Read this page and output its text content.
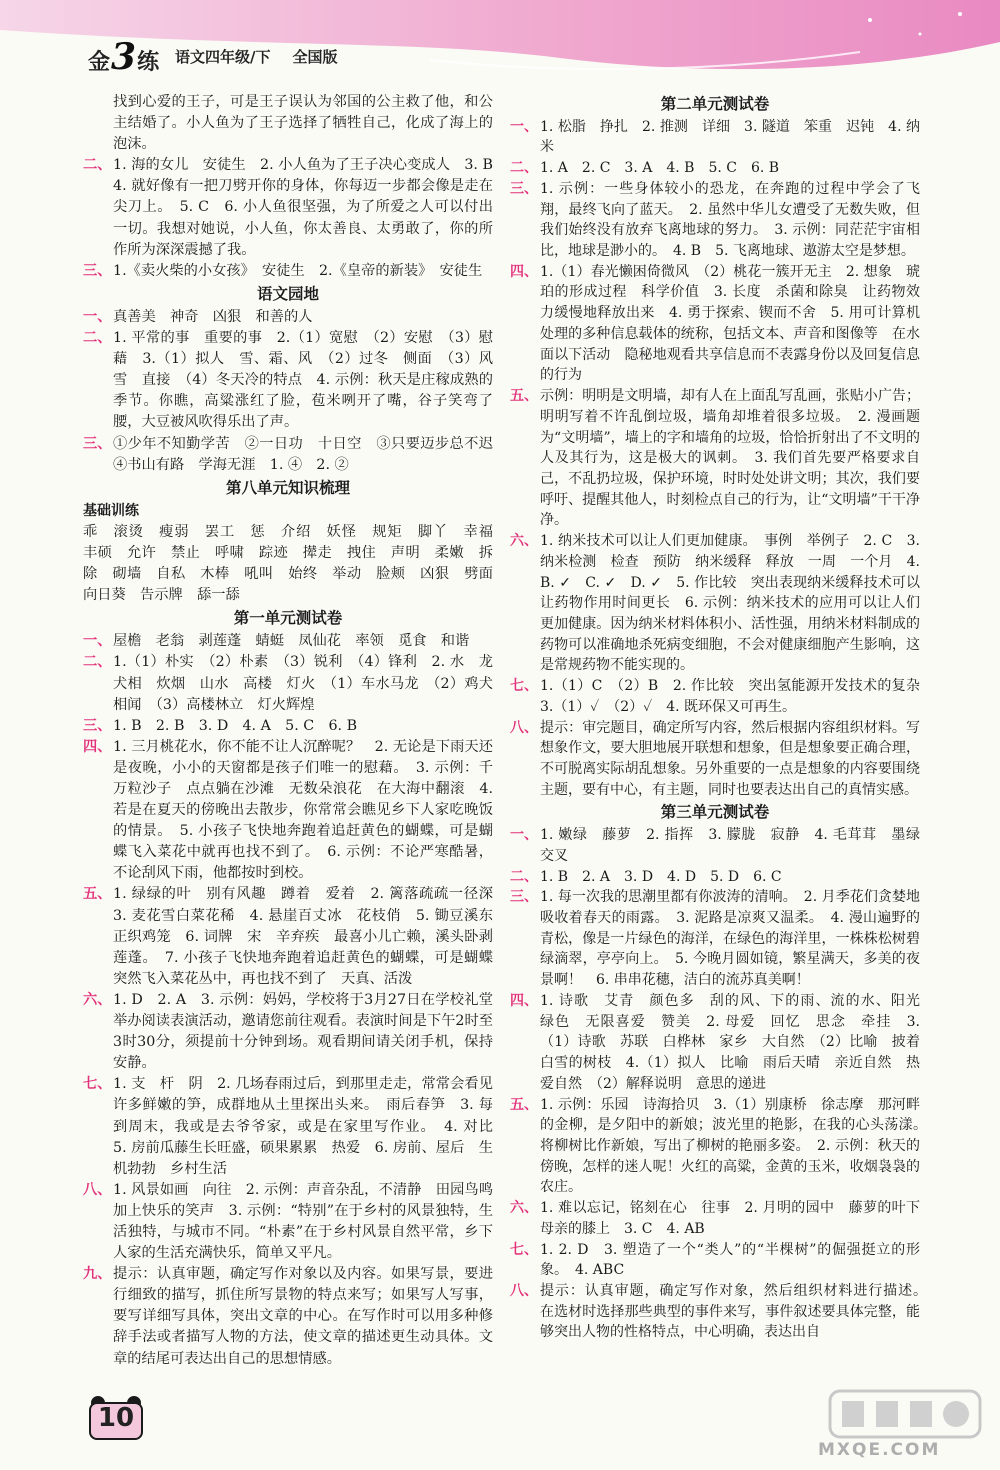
金3练 语文四年级/下 全国版
找到心爱的王子，可是王子误认为邻国的公主救了他，和公主结婚了。小人鱼为了王子选择了牺牲自己，化成了海上的泡沫。
二、 1. 海的女儿　安徒生　2. 小人鱼为了王子决心变成人　3. B　4. 就好像有一把刀劈开你的身体，你每迈一步都会像是走在尖刀上。　5. C　6. 小人鱼很坚强，为了所爱之人可以付出一切。我想对她说，小人鱼，你太善良、太勇敢了，你的所作所为深深震撼了我。
三、 1.《卖火柴的小女孩》　安徒生　2.《皇帝的新装》　安徒生
语文园地
一、 真善美　神奇　凶狠　和善的人
二、 1. 平常的事　重要的事　2.（1）宽慰　（2）安慰　（3）慰藉　3.（1）拟人　雪、霜、风　（2）过冬　侧面　（3）风雪　直接　（4）冬天冷的特点　4. 示例：秋天是庄稼成熟的季节。你瞧，高粱涨红了脸，苞米咧开了嘴，谷子笑弯了腰，大豆被风吹得乐出了声。
三、 ①少年不知勤学苦　②一日功　十日空　③只要迈步总不迟　④书山有路　学海无涯　1. ④　2. ②
第八单元知识梳理
基础训练
乖　滚烫　瘦弱　罢工　惩　介绍　妖怪　规矩　脚丫　幸福　丰硕　允许　禁止　呼啸　踪迹　撵走　拽住　声明　柔嫩　拆除　砌墙　自私　木棒　吼叫　始终　举动　脸颊　凶狠　劈面　向日葵　告示牌　舔一舔
第一单元测试卷
一、 屋檐　老翁　剥莲蓬　蜻蜓　凤仙花　率领　觅食　和谐
二、 1.（1）朴实　（2）朴素　（3）锐利　（4）锋利　2. 水　龙　犬相　炊烟　山水　高楼　灯火　（1）车水马龙　（2）鸡犬相闻　（3）高楼林立　灯火辉煌
三、 1. B　2. B　3. D　4. A　5. C　6. B
四、 1. 三月桃花水，你不能不让人沉醉呢？　2. 无论是下雨天还是夜晚，小小的天窗都是孩子们唯一的慰藉。　3. 示例：千万粒沙子　点点躺在沙滩　无数朵浪花　在大海中翻滚　4. 若是在夏天的傍晚出去散步，你常常会瞧见乡下人家吃晚饭的情景。　5. 小孩子飞快地奔跑着追赶黄色的蝴蝶，可是蝴蝶飞入菜花中就再也找不到了。　6. 示例：不论严寒酷暑，不论刮风下雨，他都按时到校。
五、 1. 绿绿的叶　别有风趣　蹲着　爱着　2. 篱落疏疏一径深　3. 麦花雪白菜花稀　4. 悬崖百丈冰　花枝俏　5. 锄豆溪东　正织鸡笼　6. 词牌　宋　辛弃疾　最喜小儿亡赖，溪头卧剥莲蓬。　7. 小孩子飞快地奔跑着追赶黄色的蝴蝶，可是蝴蝶突然飞入菜花丛中，再也找不到了　天真、活泼
六、 1. D　2. A　3. 示例：妈妈，学校将于3月27日在学校礼堂举办阅读表演活动，邀请您前往观看。表演时间是下午2时至3时30分，须提前十分钟到场。观看期间请关闭手机，保持安静。
七、 1. 支　杆　阴　2. 几场春雨过后，到那里走走，常常会看见许多鲜嫩的笋，成群地从土里探出头来。　雨后春笋　3. 每到周末，我或是去爷爷家，或是在家里写作业。　4. 对比　5. 房前瓜藤生长旺盛，硕果累累　热爱　6. 房前、屋后　生机勃勃　乡村生活
八、 1. 风景如画　向往　2. 示例：声音杂乱，不清静　田园鸟鸣加上快乐的笑声　3. 示例：“特别”在于乡村的风景独特，生活独特，与城市不同。“朴素”在于乡村风景自然平常，乡下人家的生活充满快乐，简单又平凡。
九、 提示：认真审题，确定写作对象以及内容。如果写景，要进行细致的描写，抓住所写景物的特点来写；如果写人写事，要写详细写具体，突出文章的中心。在写作时可以用多种修辞手法或者描写人物的方法，使文章的描述更生动具体。文章的结尾可表达出自己的思想情感。
第二单元测试卷
一、 1. 松脂　挣扎　2. 推测　详细　3. 隧道　笨重　迟钝　4. 纳米
二、 1. A　2. C　3. A　4. B　5. C　6. B
三、 1. 示例：一些身体较小的恐龙，在奔跑的过程中学会了飞翔，最终飞向了蓝天。　2. 虽然中华儿女遭受了无数失败，但我们始终没有放弃飞离地球的努力。　3. 示例：同茫茫宇宙相比，地球是渺小的。　4. B　5. 飞离地球、遨游太空是梦想。
四、 1.（1）春光懒困倚微风　（2）桃花一簇开无主　2. 想象　琥珀的形成过程　科学价值　3. 长度　杀菌和除臭　让药物效力缓慢地释放出来　4. 勇于探索、锲而不舍　5. 用可计算机处理的多种信息载体的统称，包括文本、声音和图像等　在水面以下活动　隐秘地观看共享信息而不表露身份以及回复信息的行为
五、 示例：明明是文明墙，却有人在上面乱写乱画，张贴小广告；明明写着不许乱倒垃圾，墙角却堆着很多垃圾。　2. 漫画题为“文明墙”，墙上的字和墙角的垃圾，恰恰折射出了不文明的人及其行为，这是极大的讽刺。　3. 我们首先要严格要求自己，不乱扔垃圾，保护环境，时时处处讲文明；其次，我们要呼吁、提醒其他人，时刻检点自己的行为，让“文明墙”干干净净。
六、 1. 纳米技术可以让人们更加健康。　事例　举例子　2. C　3. 纳米检测　检查　预防　纳米缓释　释放　一周　一个月　4. B. ✓　C. ✓　D. ✓　5. 作比较　突出表现纳米缓释技术可以让药物作用时间更长　6. 示例：纳米技术的应用可以让人们更加健康。因为纳米材料体积小、活性强，用纳米材料制成的药物可以准确地杀死病变细胞，不会对健康细胞产生影响，这是常规药物不能实现的。
七、 1.（1）C　（2）B　2. 作比较　突出氢能源开发技术的复杂　3.（1）✓　（2）✓　4. 既环保又可再生。
八、 提示：审完题目，确定所写内容，然后根据内容组织材料。写想象作文，要大胆地展开联想和想象，但是想象要正确合理，不可脱离实际胡乱想象。另外重要的一点是想象的内容要围绕主题，要有中心，有主题，同时也要表达出自己的真情实感。
第三单元测试卷
一、 1. 嫩绿　藤萝　2. 指挥　3. 朦胧　寂静　4. 毛茸茸　墨绿　交叉
二、 1. B　2. A　3. D　4. D　5. D　6. C
三、 1. 每一次我的思潮里都有你波涛的清响。　2. 月季花们贪婪地吸收着春天的雨露。　3. 泥路是凉爽又温柔。　4. 漫山遍野的青松，像是一片绿色的海洋，在绿色的海洋里，一株株松树碧绿滴翠，亭亭向上。　5. 今晚月圆如镜，繁星满天，多美的夜景啊！　6. 串串花穗，洁白的流苏真美啊！
四、 1. 诗歌　艾青　颜色多　刮的风、下的雨、流的水、阳光　绿色　无限喜爱　赞美　2. 母爱　回忆　思念　牵挂　3.（1）诗歌　苏联　白桦林　家乡　大自然　（2）比喻　披着白雪的树枝　4.（1）拟人　比喻　雨后天晴　亲近自然　热爱自然　（2）解释说明　意思的递进
五、 1. 示例：乐园　诗海拾贝　3.（1）别康桥　徐志摩　那河畔的金柳，是夕阳中的新娘；波光里的艳影，在我的心头荡漾。　将柳树比作新娘，写出了柳树的艳丽多姿。　2. 示例：秋天的傍晚，怎样的迷人呢！火红的高粱，金黄的玉米，收烟袅袅的农庄。
六、 1. 难以忘记，铭刻在心　往事　2. 月明的园中　藤萝的叶下　母亲的膝上　3. C　4. AB
七、 1. 2. D　3. 塑造了一个“类人”的“半棵树”的倔强挺立的形象。　4. ABC
八、 提示：认真审题，确定写作对象，然后组织材料进行描述。　在选材时选择那些典型的事件来写，事件叙述要具体完整，能够突出人物的性格特点，中心明确，表达出自
10
MXQE.COM
